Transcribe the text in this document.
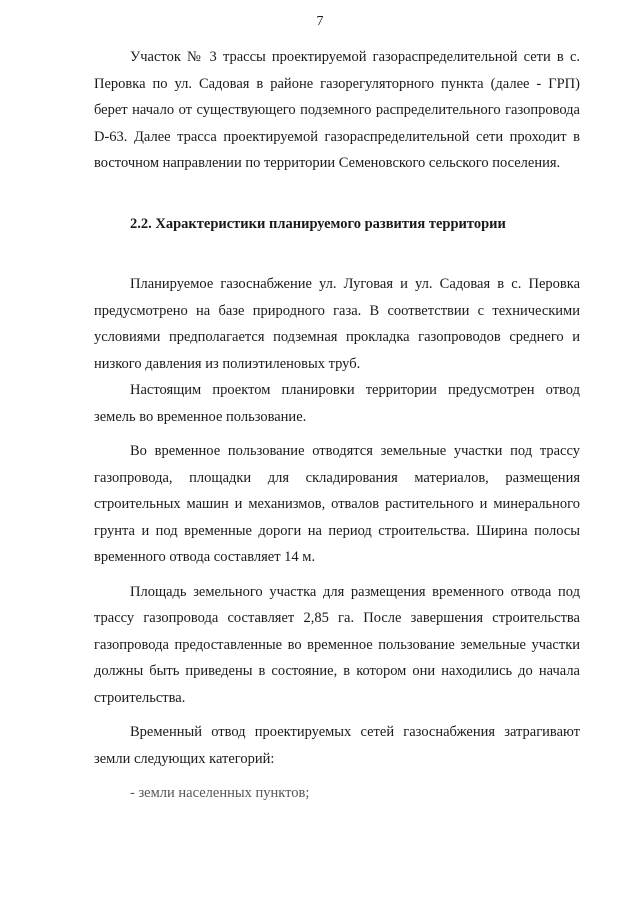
7

Участок № 3 трассы проектируемой газораспределительной сети в с. Перовка по ул. Садовая в районе газорегуляторного пункта (далее - ГРП) берет начало от существующего подземного распределительного газопровода D-63. Далее трасса проектируемой газораспределительной сети проходит в восточном направлении по территории Семеновского сельского поселения.

2.2. Характеристики планируемого развития территории

Планируемое газоснабжение ул. Луговая и ул. Садовая в с. Перовка предусмотрено на базе природного газа. В соответствии с техническими условиями предполагается подземная прокладка газопроводов среднего и низкого давления из полиэтиленовых труб.

Настоящим проектом планировки территории предусмотрен отвод земель во временное пользование.

Во временное пользование отводятся земельные участки под трассу газопровода, площадки для складирования материалов, размещения строительных машин и механизмов, отвалов растительного и минерального грунта и под временные дороги на период строительства. Ширина полосы временного отвода составляет 14 м.

Площадь земельного участка для размещения временного отвода под трассу газопровода составляет 2,85 га. После завершения строительства газопровода предоставленные во временное пользование земельные участки должны быть приведены в состояние, в котором они находились до начала строительства.

Временный отвод проектируемых сетей газоснабжения затрагивают земли следующих категорий:

- земли населенных пунктов;
